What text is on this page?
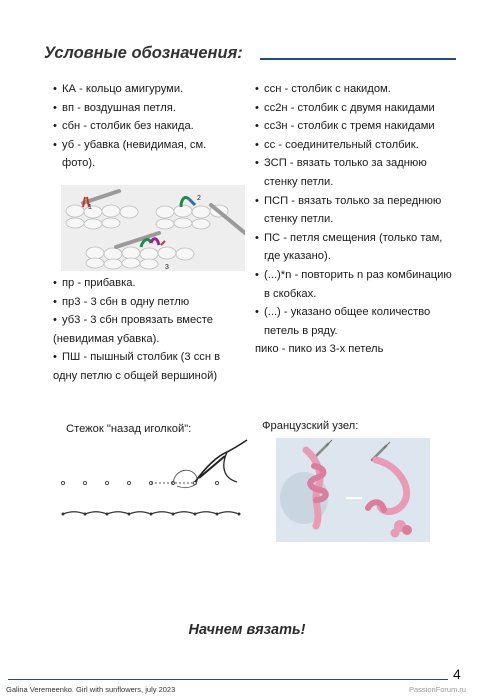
Условные обозначения:
• КА - кольцо амигуруми.
• вп - воздушная петля.
• сбн - столбик без накида.
• уб - убавка (невидимая, см.
фото).
1
2
3
• пр - прибавка.
• пр3 - 3 сбн в одну петлю
• уб3 - 3 сбн провязать вместе
(невидимая убавка).
• ПШ - пышный столбик (3 ссн в
одну петлю с общей вершиной)
• ссн - столбик с накидом.
• сс2н - столбик с двумя накидами
• сс3н - столбик с тремя накидами
• сс - соединительный столбик.
• ЗСП - вязать только за заднюю
стенку петли.
• ПСП - вязать только за переднюю
стенку петли.
• ПС - петля смещения (только там,
где указано).
• (...)*n - повторить n раз комбинацию
в скобках.
• (...) - указано общее количество
петель в ряду.
пико - пико из 3-х петель
Стежок "назад иголкой":	Французский узел:
Начнем вязать!
4
Galina Veremeenko. Girl with sunflowers, july 2023	PassionForum.ru
